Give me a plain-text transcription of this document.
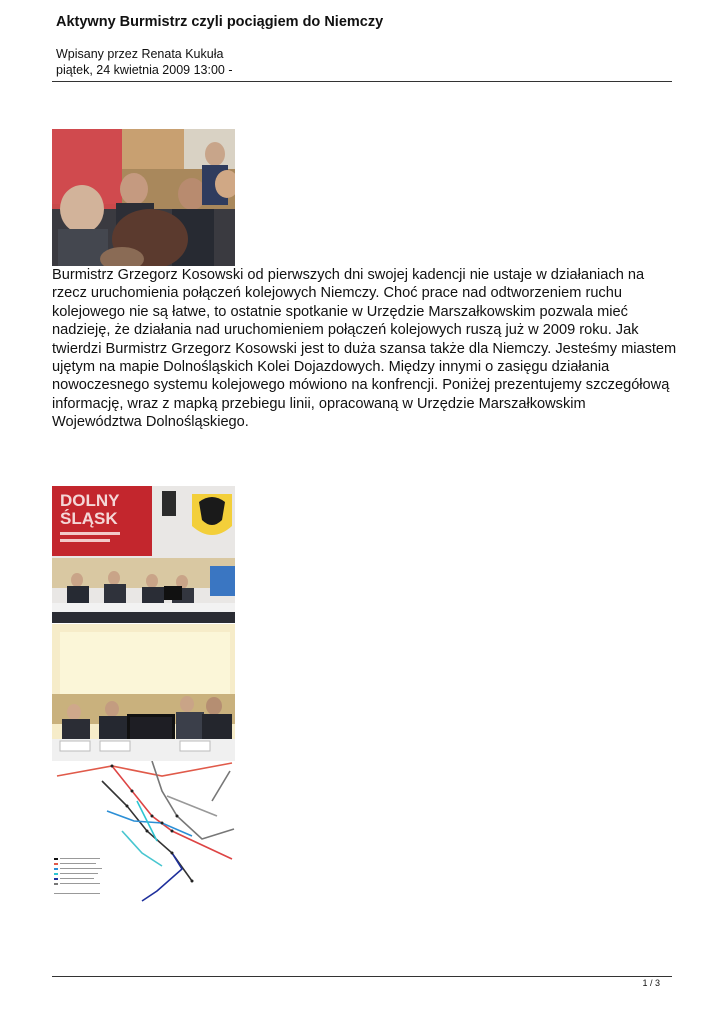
Aktywny Burmistrz czyli pociągiem do Niemczy
Wpisany przez Renata Kukuła
piątek, 24 kwietnia 2009 13:00 -

Burmistrz Grzegorz Kosowski od pierwszych dni swojej kadencji nie ustaje w działaniach na rzecz uruchomienia połączeń kolejowych Niemczy. Choć prace nad odtworzeniem ruchu kolejowego nie są łatwe, to ostatnie spotkanie w Urzędzie Marszałkowskim pozwala mieć nadzieję, że działania nad uruchomieniem połączeń kolejowych ruszą już w 2009 roku. Jak twierdzi Burmistrz Grzegorz Kosowski jest to duża szansa także dla Niemczy. Jesteśmy miastem ujętym na mapie Dolnośląskich Kolei Dojazdowych. Między innymi o zasięgu działania nowoczesnego systemu kolejowego mówiono na konfrencji. Poniżej prezentujemy szczegółową informację, wraz z mapką przebiegu linii, opracowaną w Urzędzie Marszałkowskim Województwa Dolnośląskiego.

DOLNY
ŚLĄSK
1 / 3
